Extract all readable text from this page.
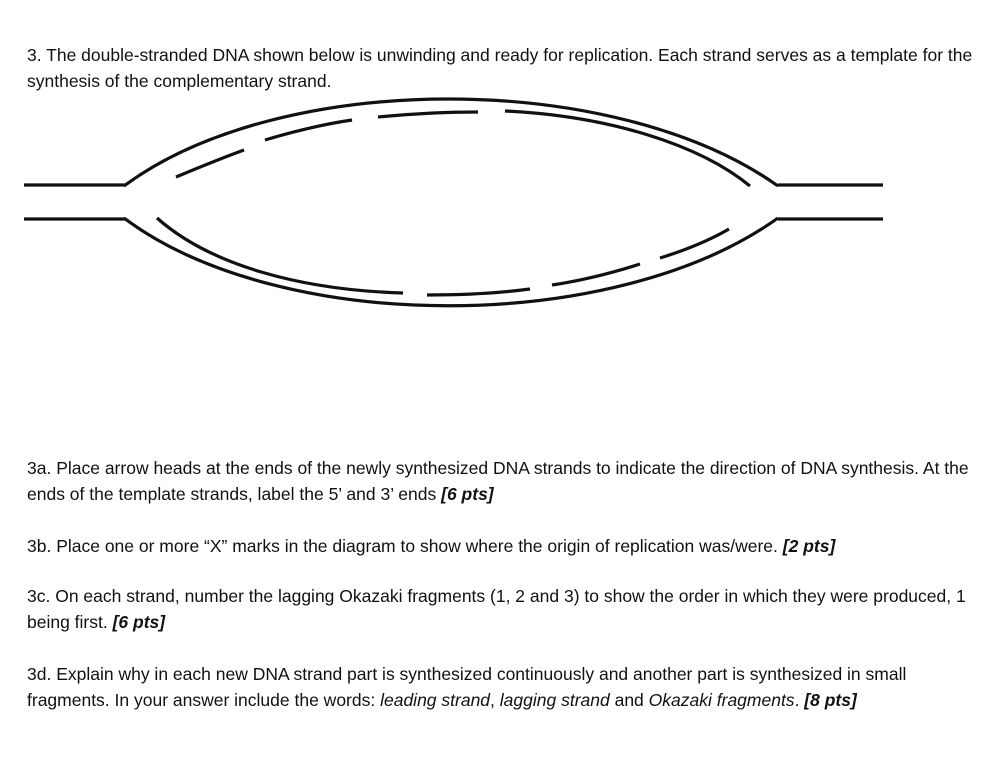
3. The double-stranded DNA shown below is unwinding and ready for replication. Each strand serves as a template for the synthesis of the complementary strand.

3a. Place arrow heads at the ends of the newly synthesized DNA strands to indicate the direction of DNA synthesis. At the ends of the template strands, label the 5’ and 3’ ends [6 pts]

3b. Place one or more “X” marks in the diagram to show where the origin of replication was/were. [2 pts]

3c. On each strand, number the lagging Okazaki fragments (1, 2 and 3) to show the order in which they were produced, 1 being first. [6 pts]

3d. Explain why in each new DNA strand part is synthesized continuously and another part is synthesized in small fragments. In your answer include the words: leading strand, lagging strand and Okazaki fragments. [8 pts]
